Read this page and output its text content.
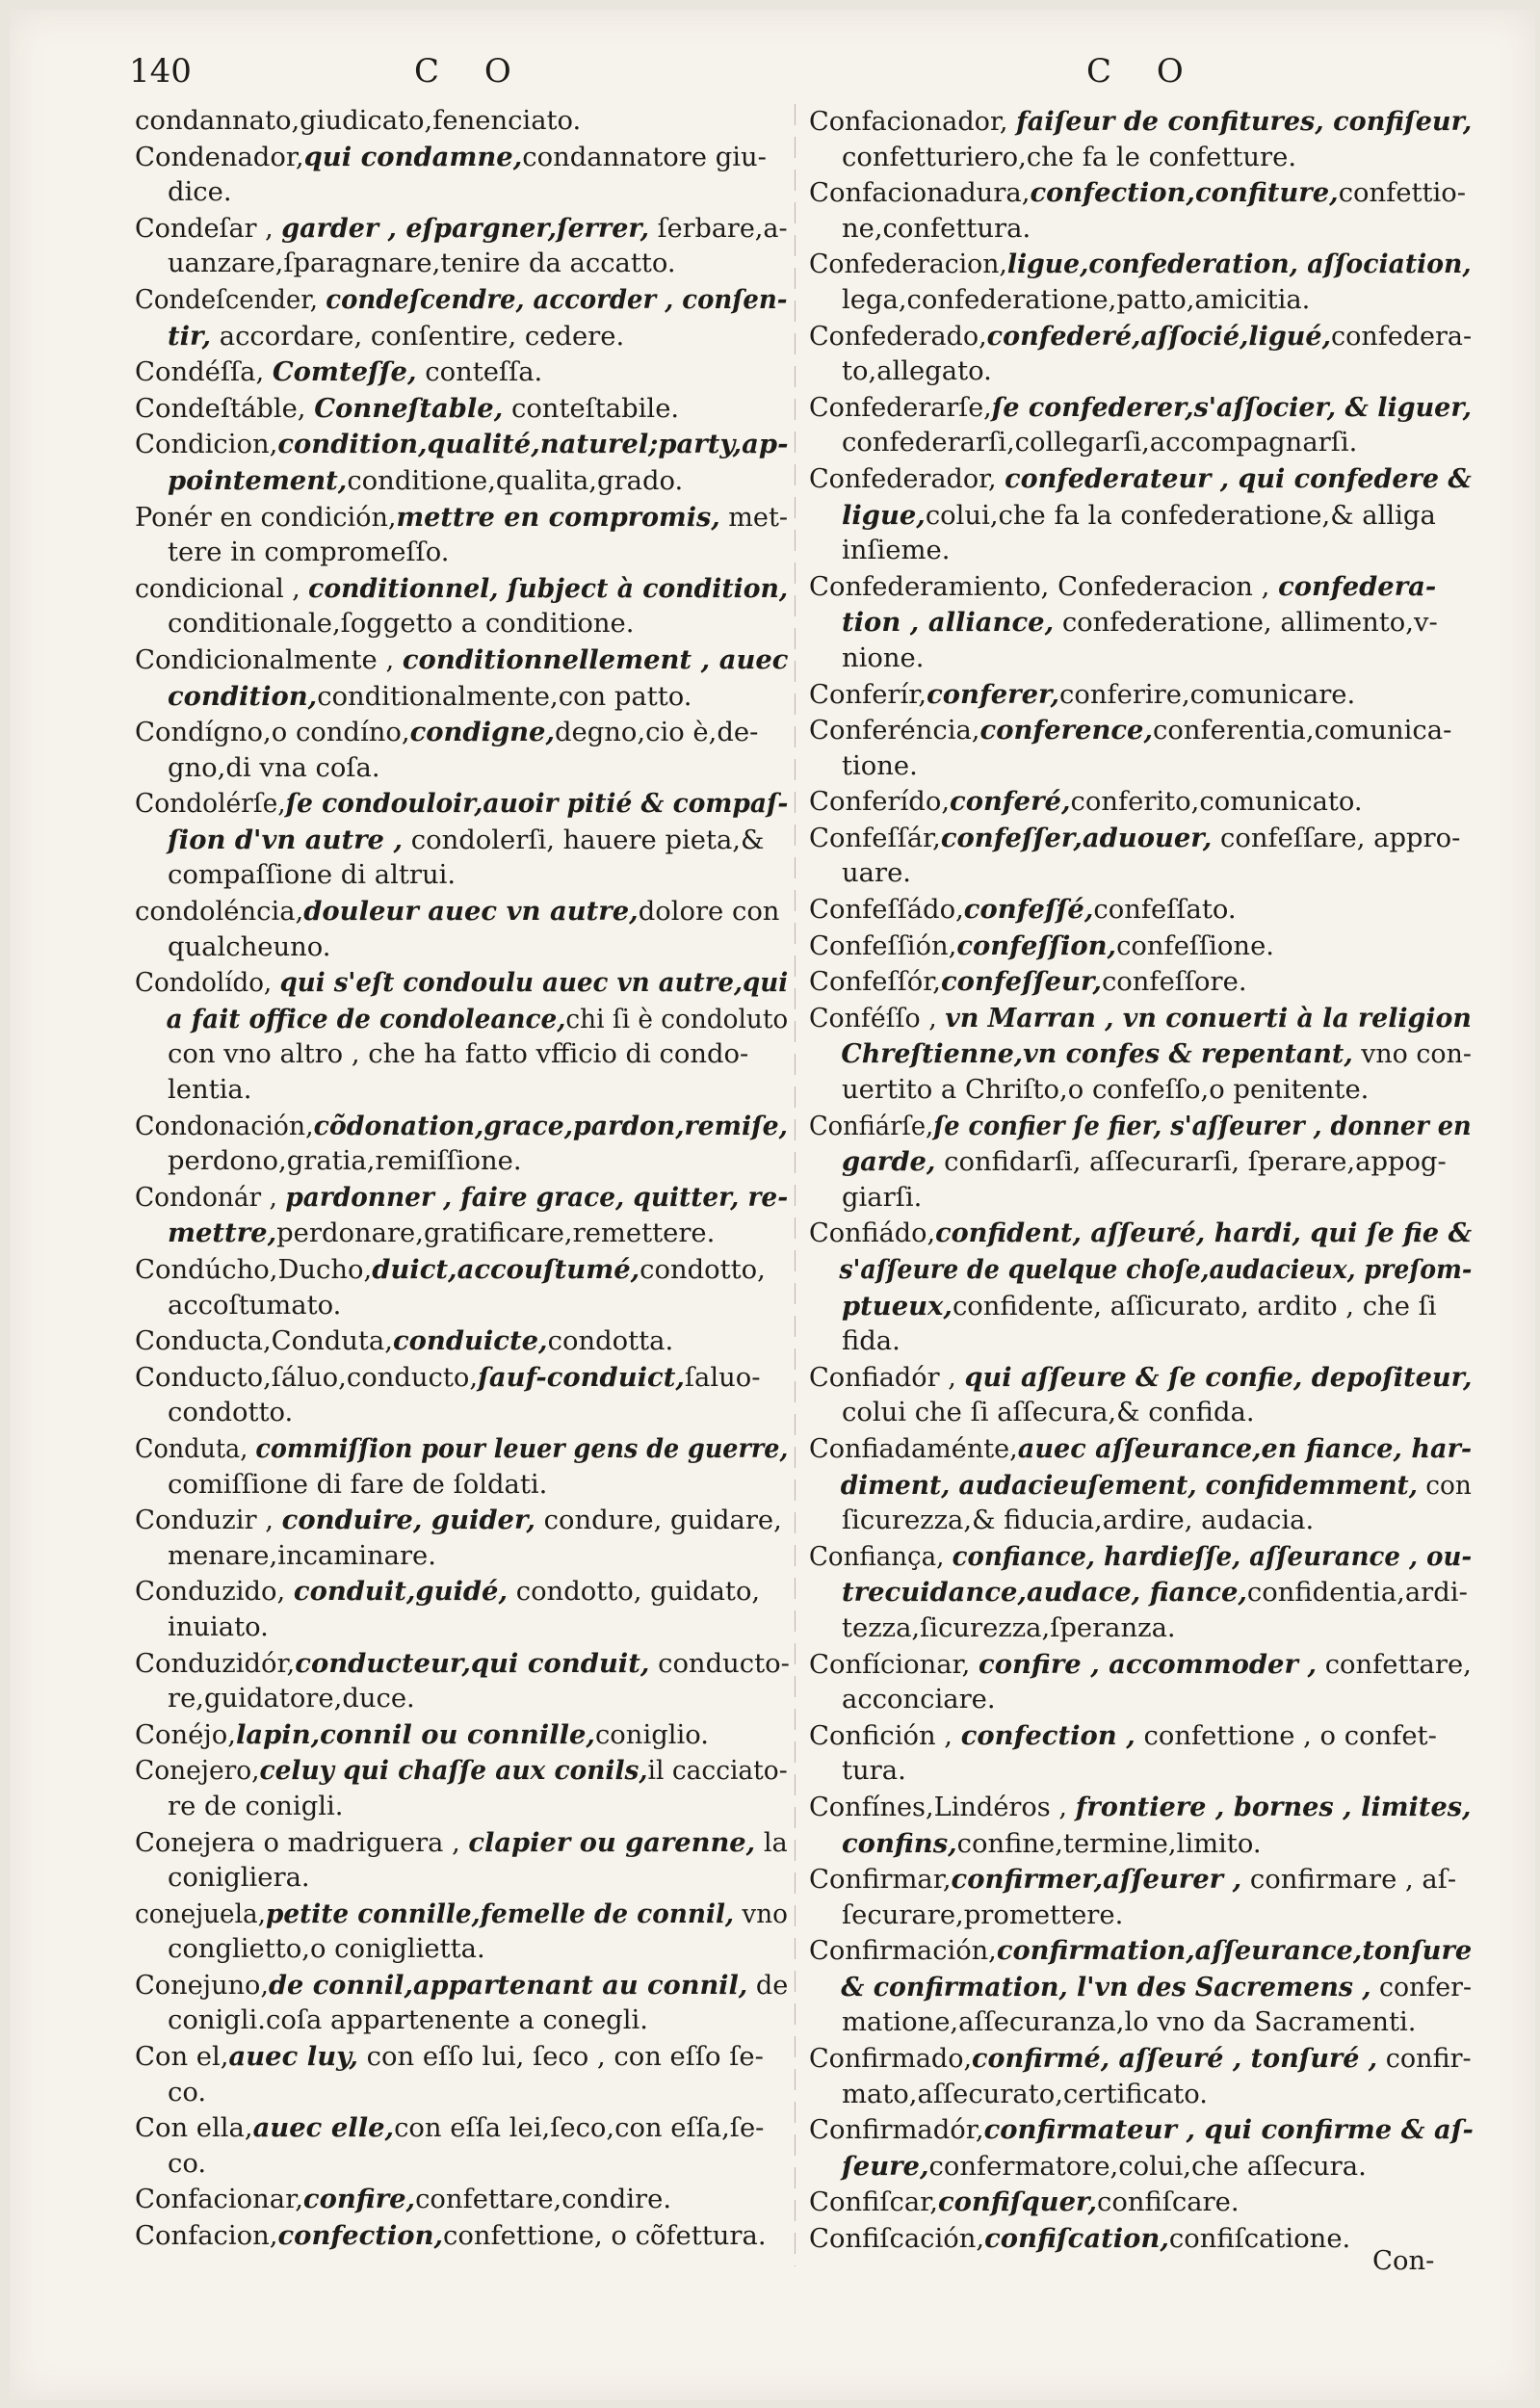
140	C O	C O
condannato,giudicato,fenenciato.
Condenador,qui condamne,condannatore giu-
dice.
Condeſar , garder , eſpargner,ſerrer, ſerbare,a-
uanzare,ſparagnare,tenire da accatto.
Condeſcender, condeſcendre, accorder , conſen-
tir, accordare, conſentire, cedere.
Condéſſa, Comteſſe, conteſſa.
Condeſtáble, Conneſtable, conteſtabile.
Condicion,condition,qualité,naturel;party,ap-
pointement,conditione,qualita,grado.
Ponér en condición,mettre en compromis, met-
tere in compromeſſo.
condicional , conditionnel, ſubject à condition,
conditionale,ſoggetto a conditione.
Condicionalmente , conditionnellement , auec
condition,conditionalmente,con patto.
Condígno,o condíno,condigne,degno,cio è,de-
gno,di vna coſa.
Condolérſe,ſe condouloir,auoir pitié & compaſ-
ſion d'vn autre , condolerſi, hauere pieta,&
compaſſione di altrui.
condoléncia,douleur auec vn autre,dolore con
qualcheuno.
Condolído, qui s'eſt condoulu auec vn autre,qui
a fait office de condoleance,chi ſi è condoluto
con vno altro , che ha fatto vfficio di condo-
lentia.
Condonación,cõdonation,grace,pardon,remiſe,
perdono,gratia,remiſſione.
Condonár , pardonner , faire grace, quitter, re-
mettre,perdonare,gratificare,remettere.
Condúcho,Ducho,duict,accouſtumé,condotto,
accoſtumato.
Conducta,Conduta,conduicte,condotta.
Conducto,ſáluo,conducto,ſauf-conduict,ſaluo-
condotto.
Conduta, commiſſion pour leuer gens de guerre,
comiſſione di fare de ſoldati.
Conduzir , conduire, guider, condure, guidare,
menare,incaminare.
Conduzido, conduit,guidé, condotto, guidato,
inuiato.
Conduzidór,conducteur,qui conduit, conducto-
re,guidatore,duce.
Conéjo,lapin,connil ou connille,coniglio.
Conejero,celuy qui chaſſe aux conils,il cacciato-
re de conigli.
Conejera o madriguera , clapier ou garenne, la
conigliera.
conejuela,petite connille,femelle de connil, vno
conglietto,o coniglietta.
Conejuno,de connil,appartenant au connil, de
conigli.coſa appartenente a conegli.
Con el,auec luy, con eſſo lui, ſeco , con eſſo ſe-
co.
Con ella,auec elle,con eſſa lei,ſeco,con eſſa,ſe-
co.
Confacionar,confire,confettare,condire.
Confacion,confection,confettione, o cõfettura.
Confacionador, faiſeur de confitures, confiſeur,
confetturiero,che fa le confetture.
Confacionadura,confection,confiture,confettio-
ne,confettura.
Confederacion,ligue,confederation, aſſociation,
lega,confederatione,patto,amicitia.
Confederado,confederé,aſſocié,ligué,confedera-
to,allegato.
Confederarſe,ſe confederer,s'aſſocier, & liguer,
confederarſi,collegarſi,accompagnarſi.
Confederador, confederateur , qui confedere &
ligue,colui,che fa la confederatione,& alliga
inſieme.
Confederamiento, Confederacion , confedera-
tion , alliance, confederatione, allimento,v-
nione.
Conferír,conferer,conferire,comunicare.
Conferéncia,conference,conferentia,comunica-
tione.
Conferído,conferé,conferito,comunicato.
Confeſſár,confeſſer,aduouer, confeſſare, appro-
uare.
Confeſſádo,confeſſé,confeſſato.
Confeſſión,confeſſion,confeſſione.
Confeſſór,confeſſeur,confeſſore.
Conféſſo , vn Marran , vn conuerti à la religion
Chreſtienne,vn confes & repentant, vno con-
uertito a Chriſto,o confeſſo,o penitente.
Confiárſe,ſe confier ſe fier, s'aſſeurer , donner en
garde, confidarſi, aſſecurarſi, ſperare,appog-
giarſi.
Confiádo,confident, aſſeuré, hardi, qui ſe fie &
s'aſſeure de quelque choſe,audacieux, preſom-
ptueux,confidente, aſſicurato, ardito , che ſi
fida.
Confiadór , qui aſſeure & ſe confie, depoſiteur,
colui che ſi aſſecura,& confida.
Confiadaménte,auec aſſeurance,en fiance, har-
diment, audacieuſement, confidemment, con
ſicurezza,& fiducia,ardire, audacia.
Confiança, confiance, hardieſſe, aſſeurance , ou-
trecuidance,audace, fiance,confidentia,ardi-
tezza,ſicurezza,ſperanza.
Confícionar, confire , accommoder , confettare,
acconciare.
Confición , confection , confettione , o confet-
tura.
Confínes,Lindéros , frontiere , bornes , limites,
confins,confine,termine,limito.
Confirmar,confirmer,aſſeurer , confirmare , aſ-
ſecurare,promettere.
Confirmación,confirmation,aſſeurance,tonſure
& confirmation, l'vn des Sacremens , confer-
matione,aſſecuranza,lo vno da Sacramenti.
Confirmado,confirmé, aſſeuré , tonſuré , confir-
mato,aſſecurato,certificato.
Confirmadór,confirmateur , qui confirme & aſ-
ſeure,confermatore,colui,che aſſecura.
Confiſcar,confiſquer,confiſcare.
Confiſcación,confiſcation,confiſcatione.
Con-
